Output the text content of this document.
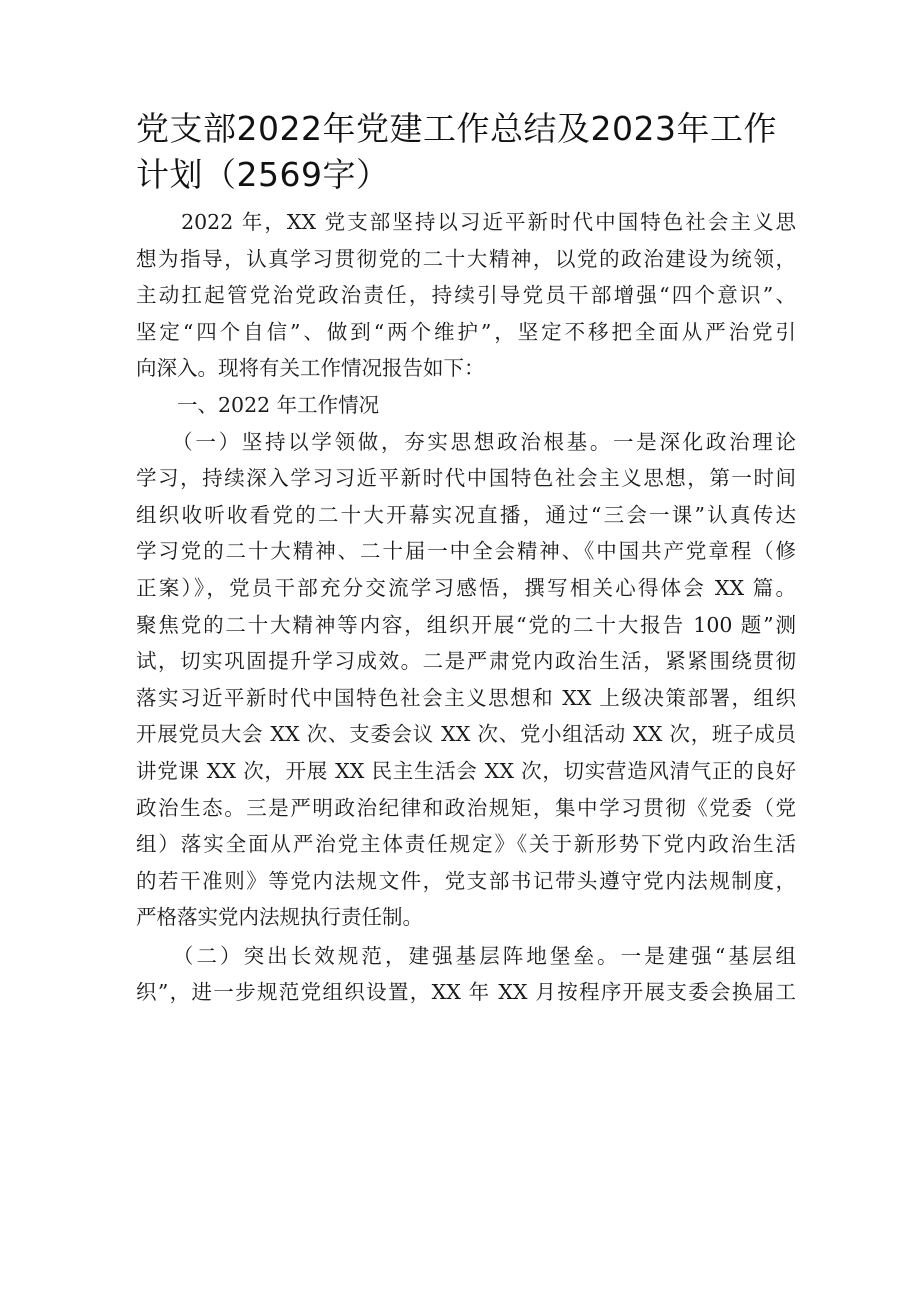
党支部2022年党建工作总结及2023年工作
计划（2569字）
　　2022 年，XX 党支部坚持以习近平新时代中国特色社会主义思
想为指导，认真学习贯彻党的二十大精神，以党的政治建设为统领，
主动扛起管党治党政治责任，持续引导党员干部增强“四个意识”、
坚定“四个自信”、做到“两个维护”，坚定不移把全面从严治党引
向深入。现将有关工作情况报告如下：
　　一、2022 年工作情况
　　（一）坚持以学领做，夯实思想政治根基。一是深化政治理论
学习，持续深入学习习近平新时代中国特色社会主义思想，第一时间
组织收听收看党的二十大开幕实况直播，通过“三会一课”认真传达
学习党的二十大精神、二十届一中全会精神、《中国共产党章程（修
正案）》，党员干部充分交流学习感悟，撰写相关心得体会 XX 篇。
聚焦党的二十大精神等内容，组织开展“党的二十大报告 100 题”测
试，切实巩固提升学习成效。二是严肃党内政治生活，紧紧围绕贯彻
落实习近平新时代中国特色社会主义思想和 XX 上级决策部署，组织
开展党员大会 XX 次、支委会议 XX 次、党小组活动 XX 次，班子成员
讲党课 XX 次，开展 XX 民主生活会 XX 次，切实营造风清气正的良好
政治生态。三是严明政治纪律和政治规矩，集中学习贯彻《党委（党
组）落实全面从严治党主体责任规定》《关于新形势下党内政治生活
的若干准则》等党内法规文件，党支部书记带头遵守党内法规制度，
严格落实党内法规执行责任制。
　　（二）突出长效规范，建强基层阵地堡垒。一是建强“基层组
织”，进一步规范党组织设置，XX 年 XX 月按程序开展支委会换届工
